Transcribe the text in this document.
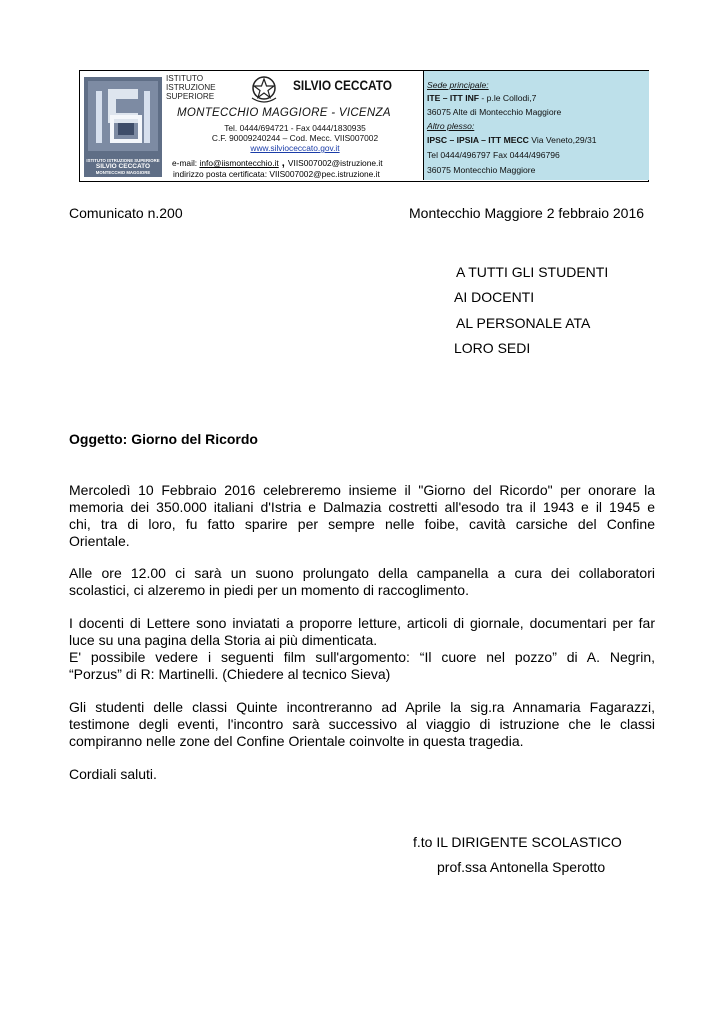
ISTITUTO ISTRUZIONE SUPERIORE
SILVIO CECCATO
MONTECCHIO MAGGIORE
ISTITUTO
ISTRUZIONE
SUPERIORE
SILVIO CECCATO
MONTECCHIO MAGGIORE - VICENZA
Tel. 0444/694721 - Fax 0444/1830935
C.F. 90009240244 – Cod. Mecc. VIIS007002
www.silvioceccato.gov.it
e-mail: info@iismontecchio.it , VIIS007002@istruzione.it
indirizzo posta certificata: VIIS007002@pec.istruzione.it
Sede principale:
ITE – ITT INF - p.le Collodi,7
36075 Alte di Montecchio Maggiore
Altro plesso:
IPSC – IPSIA – ITT MECC Via Veneto,29/31
Tel 0444/496797 Fax 0444/496796
36075 Montecchio Maggiore
Comunicato n.200	Montecchio Maggiore 2 febbraio 2016
A TUTTI GLI STUDENTI
AI DOCENTI
AL PERSONALE ATA
LORO SEDI
Oggetto: Giorno del Ricordo
Mercoledì 10 Febbraio 2016 celebreremo insieme il "Giorno del Ricordo" per onorare la
memoria dei 350.000 italiani d'Istria e Dalmazia costretti all'esodo tra il 1943 e il 1945 e
chi, tra di loro, fu fatto sparire per sempre nelle foibe, cavità carsiche del Confine
Orientale.
Alle ore 12.00 ci sarà un suono prolungato della campanella a cura dei collaboratori
scolastici, ci alzeremo in piedi per un momento di raccoglimento.
I docenti di Lettere sono inviatati a proporre letture, articoli di giornale, documentari per far
luce su una pagina della Storia ai più dimenticata.
E' possibile vedere i seguenti film sull'argomento: “Il cuore nel pozzo” di A. Negrin,
“Porzus” di R: Martinelli. (Chiedere al tecnico Sieva)
Gli studenti delle classi Quinte incontreranno ad Aprile la sig.ra Annamaria Fagarazzi,
testimone degli eventi, l'incontro sarà successivo al viaggio di istruzione che le classi
compiranno nelle zone del Confine Orientale coinvolte in questa tragedia.
Cordiali saluti.
f.to IL DIRIGENTE SCOLASTICO
prof.ssa Antonella Sperotto
